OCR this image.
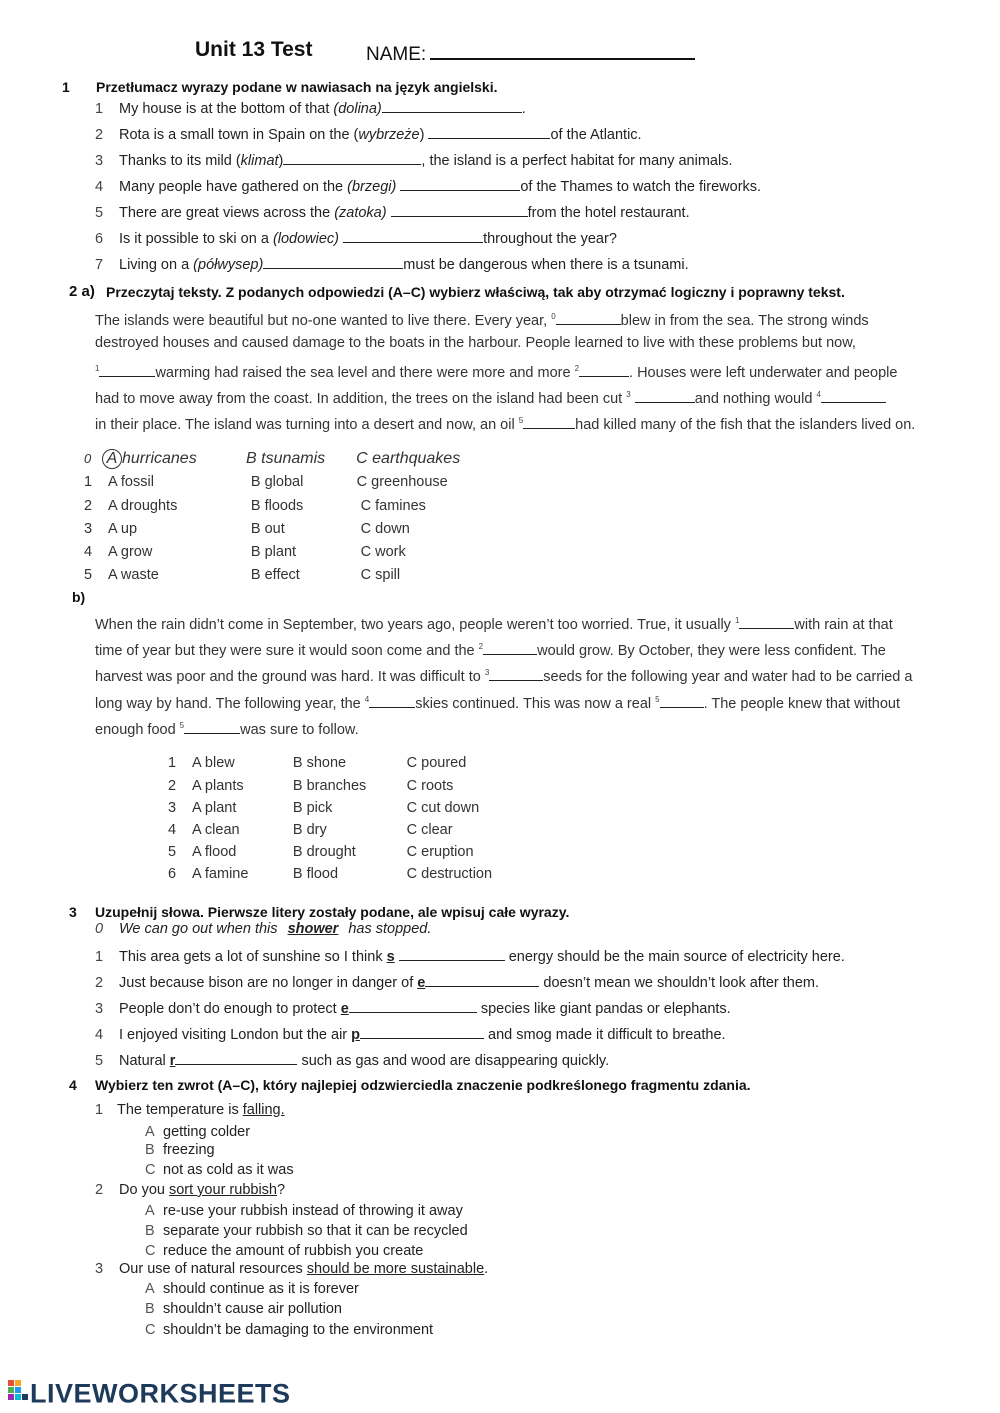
Unit 13 Test	NAME:
1 Przetłumacz wyrazy podane w nawiasach na język angielski.
1 My house is at the bottom of that (dolina)	.
2 Rota is a small town in Spain on the (wybrzeże)	of the Atlantic.
3 Thanks to its mild (klimat)	, the island is a perfect habitat for many animals.
4 Many people have gathered on the (brzegi)	of the Thames to watch the fireworks.
5 There are great views across the (zatoka)	from the hotel restaurant.
6 Is it possible to ski on a (lodowiec)	throughout the year?
7 Living on a (półwysep)	must be dangerous when there is a tsunami.
2 a) Przeczytaj teksty. Z podanych odpowiedzi (A–C) wybierz właściwą, tak aby otrzymać logiczny i poprawny tekst.
The islands were beautiful but no-one wanted to live there. Every year, $^0$	blew in from the sea. The strong winds
destroyed houses and caused damage to the boats in the harbour. People learned to live with these problems but now,
$^1$	warming had raised the sea level and there were more and more $^2$	. Houses were left underwater and people
had to move away from the coast. In addition, the trees on the island had been cut $^3$	and nothing would $^4$
in their place. The island was turning into a desert and now, an oil $^5$	had killed many of the fish that the islanders lived on.
0 A hurricanes	B tsunamis C earthquakes
1 A fossil	B global	C greenhouse
2 A droughts	B floods	C famines
3 A up	B out	C down
4 A grow	B plant	C work
5 A waste	B effect	C spill
b)
When the rain didn’t come in September, two years ago, people weren’t too worried. True, it usually $^1$	with rain at that
time of year but they were sure it would soon come and the $^2$	would grow. By October, they were less confident. The
harvest was poor and the ground was hard. It was difficult to $^3$	seeds for the following year and water had to be carried a
long way by hand. The following year, the $^4$	skies continued. This was now a real $^5$	. The people knew that without
enough food $^5$	was sure to follow.
1 A blew	B shone	C poured
2 A plants	B branches	C roots
3 A plant	B pick	C cut down
4 A clean	B dry	C clear
5 A flood	B drought	C eruption
6 A famine	B flood	C destruction
3 Uzupełnij słowa. Pierwsze litery zostały podane, ale wpisuj całe wyrazy.
0 We can go out when this shower has stopped.
1 This area gets a lot of sunshine so I think s	energy should be the main source of electricity here.
2 Just because bison are no longer in danger of e	doesn’t mean we shouldn’t look after them.
3 People don’t do enough to protect e	species like giant pandas or elephants.
4 I enjoyed visiting London but the air p	and smog made it difficult to breathe.
5 Natural r	such as gas and wood are disappearing quickly.
4 Wybierz ten zwrot (A–C), który najlepiej odzwierciedla znaczenie podkreślonego fragmentu zdania.
1 The temperature is falling.
A getting colder
B freezing
C not as cold as it was
2 Do you sort your rubbish?
A re-use your rubbish instead of throwing it away
B separate your rubbish so that it can be recycled
C reduce the amount of rubbish you create
3 Our use of natural resources should be more sustainable.
A should continue as it is forever
B shouldn’t cause air pollution
C shouldn’t be damaging to the environment
LIVEWORKSHEETS
